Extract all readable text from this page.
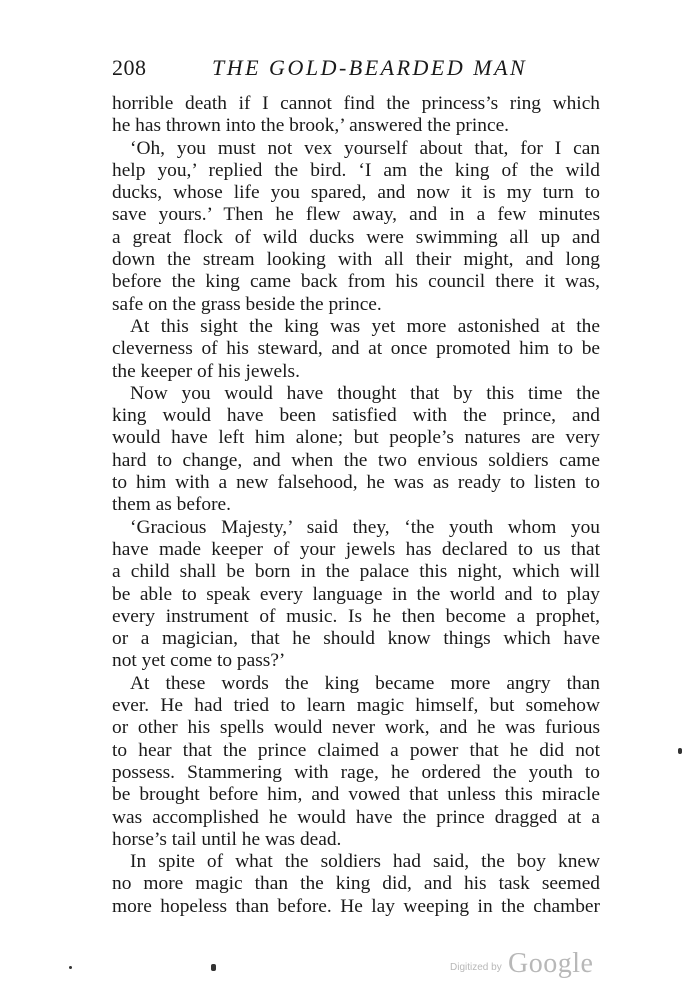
208	THE GOLD-BEARDED MAN
horrible death if I cannot find the princess’s ring which
he has thrown into the brook,’ answered the prince.
‘Oh, you must not vex yourself about that, for I can
help you,’ replied the bird. ‘I am the king of the wild
ducks, whose life you spared, and now it is my turn to
save yours.’ Then he flew away, and in a few minutes
a great flock of wild ducks were swimming all up and
down the stream looking with all their might, and long
before the king came back from his council there it was,
safe on the grass beside the prince.
At this sight the king was yet more astonished at the
cleverness of his steward, and at once promoted him to be
the keeper of his jewels.
Now you would have thought that by this time the
king would have been satisfied with the prince, and
would have left him alone; but people’s natures are very
hard to change, and when the two envious soldiers came
to him with a new falsehood, he was as ready to listen to
them as before.
‘Gracious Majesty,’ said they, ‘the youth whom you
have made keeper of your jewels has declared to us that
a child shall be born in the palace this night, which will
be able to speak every language in the world and to play
every instrument of music. Is he then become a prophet,
or a magician, that he should know things which have
not yet come to pass?’
At these words the king became more angry than
ever. He had tried to learn magic himself, but somehow
or other his spells would never work, and he was furious
to hear that the prince claimed a power that he did not
possess. Stammering with rage, he ordered the youth to
be brought before him, and vowed that unless this miracle
was accomplished he would have the prince dragged at a
horse’s tail until he was dead.
In spite of what the soldiers had said, the boy knew
no more magic than the king did, and his task seemed
more hopeless than before. He lay weeping in the chamber
Digitized by Google
